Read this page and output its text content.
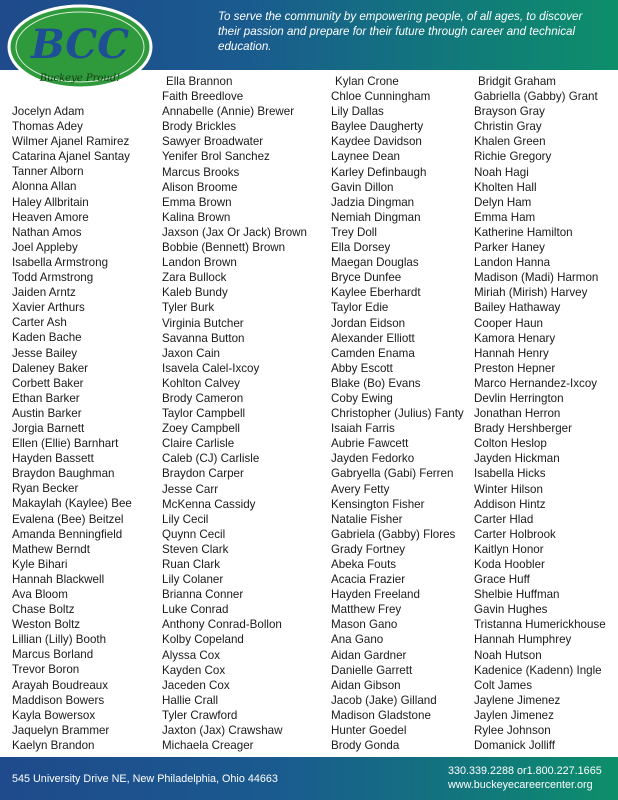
To serve the community by empowering people, of all ages, to discover their passion and prepare for their future through career and technical education.
BCC
Buckeye Proud!
Jocelyn Adam
Thomas Adey
Wilmer Ajanel Ramirez
Catarina Ajanel Santay
Tanner Alborn
Alonna Allan
Haley Allbritain
Heaven Amore
Nathan Amos
Joel Appleby
Isabella Armstrong
Todd Armstrong
Jaiden Arntz
Xavier Arthurs
Carter Ash
Kaden Bache
Jesse Bailey
Daleney Baker
Corbett Baker
Ethan Barker
Austin Barker
Jorgia Barnett
Ellen (Ellie) Barnhart
Hayden Bassett
Braydon Baughman
Ryan Becker
Makaylah (Kaylee) Bee
Evalena (Bee) Beitzel
Amanda Benningfield
Mathew Berndt
Kyle Bihari
Hannah Blackwell
Ava Bloom
Chase Boltz
Weston Boltz
Lillian (Lilly) Booth
Marcus Borland
Trevor Boron
Arayah Boudreaux
Maddison Bowers
Kayla Bowersox
Jaquelyn Brammer
Kaelyn Brandon
Ella Brannon
Faith Breedlove
Annabelle (Annie) Brewer
Brody Brickles
Sawyer Broadwater
Yenifer Brol Sanchez
Marcus Brooks
Alison Broome
Emma Brown
Kalina Brown
Jaxson (Jax Or Jack) Brown
Bobbie (Bennett) Brown
Landon Brown
Zara Bullock
Kaleb Bundy
Tyler Burk
Virginia Butcher
Savanna Button
Jaxon Cain
Isavela Calel-Ixcoy
Kohlton Calvey
Brody Cameron
Taylor Campbell
Zoey Campbell
Claire Carlisle
Caleb (CJ) Carlisle
Braydon Carper
Jesse Carr
McKenna Cassidy
Lily Cecil
Quynn Cecil
Steven Clark
Ruan Clark
Lily Colaner
Brianna Conner
Luke Conrad
Anthony Conrad-Bollon
Kolby Copeland
Alyssa Cox
Kayden Cox
Jaceden Cox
Hallie Crall
Tyler Crawford
Jaxton (Jax) Crawshaw
Michaela Creager
Kylan Crone
Chloe Cunningham
Lily Dallas
Baylee Daugherty
Kaydee Davidson
Laynee Dean
Karley Definbaugh
Gavin Dillon
Jadzia Dingman
Nemiah Dingman
Trey Doll
Ella Dorsey
Maegan Douglas
Bryce Dunfee
Kaylee Eberhardt
Taylor Edie
Jordan Eidson
Alexander Elliott
Camden Enama
Abby Escott
Blake (Bo) Evans
Coby Ewing
Christopher (Julius) Fanty
Isaiah Farris
Aubrie Fawcett
Jayden Fedorko
Gabryella (Gabi) Ferren
Avery Fetty
Kensington Fisher
Natalie Fisher
Gabriela (Gabby) Flores
Grady Fortney
Abeka Fouts
Acacia Frazier
Hayden Freeland
Matthew Frey
Mason Gano
Ana Gano
Aidan Gardner
Danielle Garrett
Aidan Gibson
Jacob (Jake) Gilland
Madison Gladstone
Hunter Goedel
Brody Gonda
Bridgit Graham
Gabriella (Gabby) Grant
Brayson Gray
Christin Gray
Khalen Green
Richie Gregory
Noah Hagi
Kholten Hall
Delyn Ham
Emma Ham
Katherine Hamilton
Parker Haney
Landon Hanna
Madison (Madi) Harmon
Miriah (Mirish) Harvey
Bailey Hathaway
Cooper Haun
Kamora Henary
Hannah Henry
Preston Hepner
Marco Hernandez-Ixcoy
Devlin Herrington
Jonathan Herron
Brady Hershberger
Colton Heslop
Jayden Hickman
Isabella Hicks
Winter Hilson
Addison Hintz
Carter Hlad
Carter Holbrook
Kaitlyn Honor
Koda Hoobler
Grace Huff
Shelbie Huffman
Gavin Hughes
Tristanna Humerickhouse
Hannah Humphrey
Noah Hutson
Kadenice (Kadenn) Ingle
Colt James
Jaylene Jimenez
Jaylen Jimenez
Rylee Johnson
Domanick Jolliff
545 University Drive NE, New Philadelphia, Ohio 44663
330.339.2288 or1.800.227.1665
www.buckeyecareercenter.org
